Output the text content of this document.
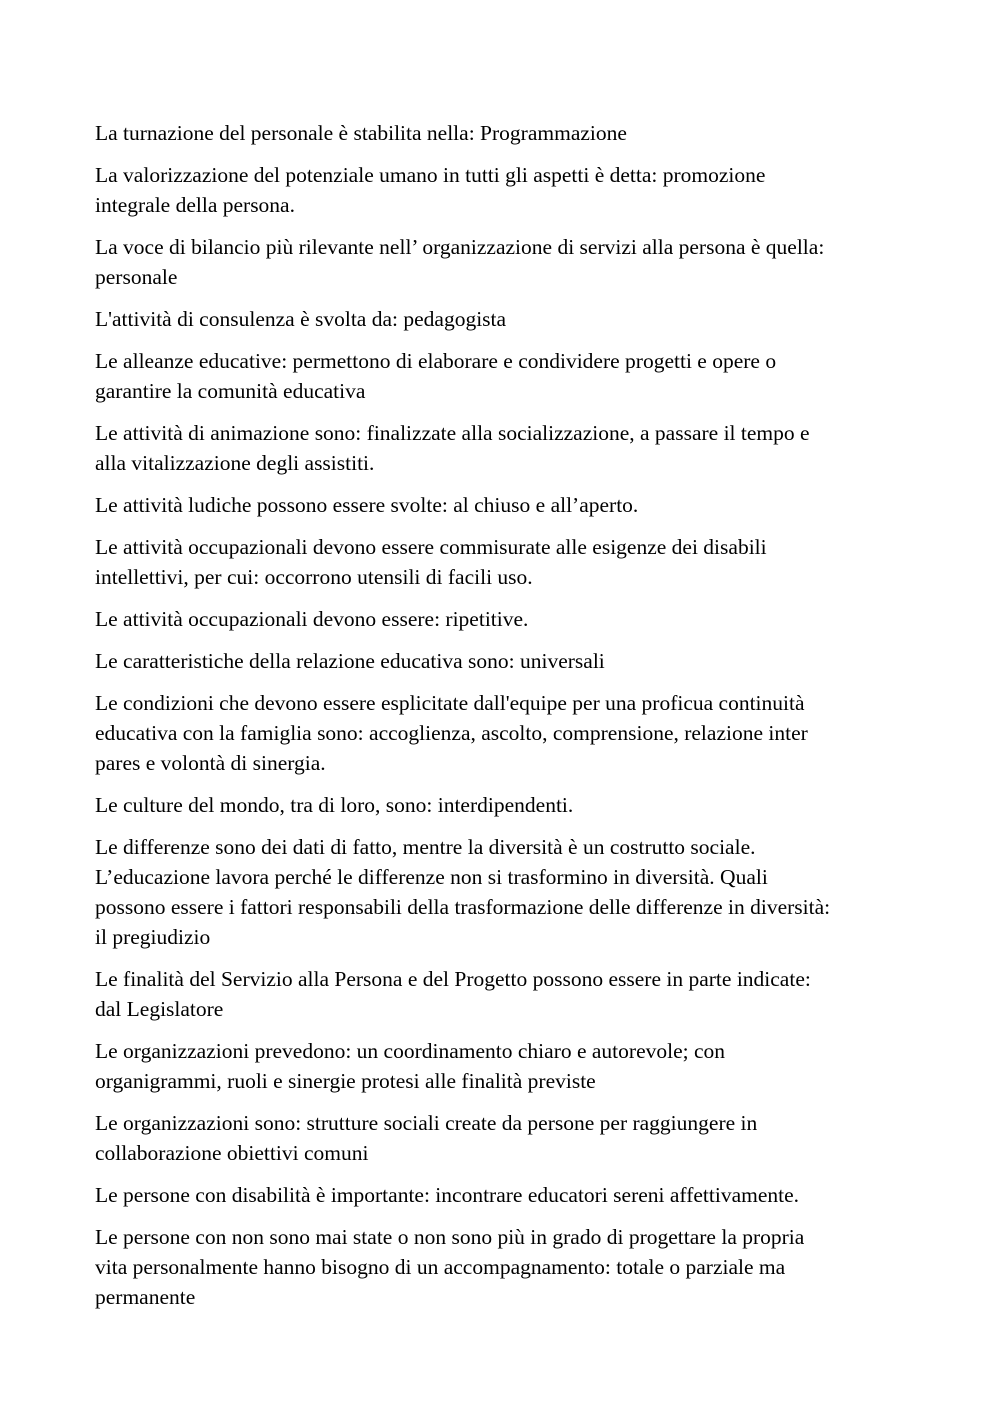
La turnazione del personale è stabilita nella: Programmazione

La valorizzazione del potenziale umano in tutti gli aspetti è detta: promozione
integrale della persona.

La voce di bilancio più rilevante nell’ organizzazione di servizi alla persona è quella:
personale

L'attività di consulenza è svolta da: pedagogista

Le alleanze educative: permettono di elaborare e condividere progetti e opere o
garantire la comunità educativa

Le attività di animazione sono: finalizzate alla socializzazione, a passare il tempo e
alla vitalizzazione degli assistiti.

Le attività ludiche possono essere svolte: al chiuso e all’aperto.

Le attività occupazionali devono essere commisurate alle esigenze dei disabili
intellettivi, per cui: occorrono utensili di facili uso.

Le attività occupazionali devono essere: ripetitive.

Le caratteristiche della relazione educativa sono: universali

Le condizioni che devono essere esplicitate dall'equipe per una proficua continuità
educativa con la famiglia sono: accoglienza, ascolto, comprensione, relazione inter
pares e volontà di sinergia.

Le culture del mondo, tra di loro, sono: interdipendenti.

Le differenze sono dei dati di fatto, mentre la diversità è un costrutto sociale.
L’educazione lavora perché le differenze non si trasformino in diversità. Quali
possono essere i fattori responsabili della trasformazione delle differenze in diversità:
il pregiudizio

Le finalità del Servizio alla Persona e del Progetto possono essere in parte indicate:
dal Legislatore

Le organizzazioni prevedono: un coordinamento chiaro e autorevole; con
organigrammi, ruoli e sinergie protesi alle finalità previste

Le organizzazioni sono: strutture sociali create da persone per raggiungere in
collaborazione obiettivi comuni

Le persone con disabilità è importante: incontrare educatori sereni affettivamente.

Le persone con non sono mai state o non sono più in grado di progettare la propria
vita personalmente hanno bisogno di un accompagnamento: totale o parziale ma
permanente
